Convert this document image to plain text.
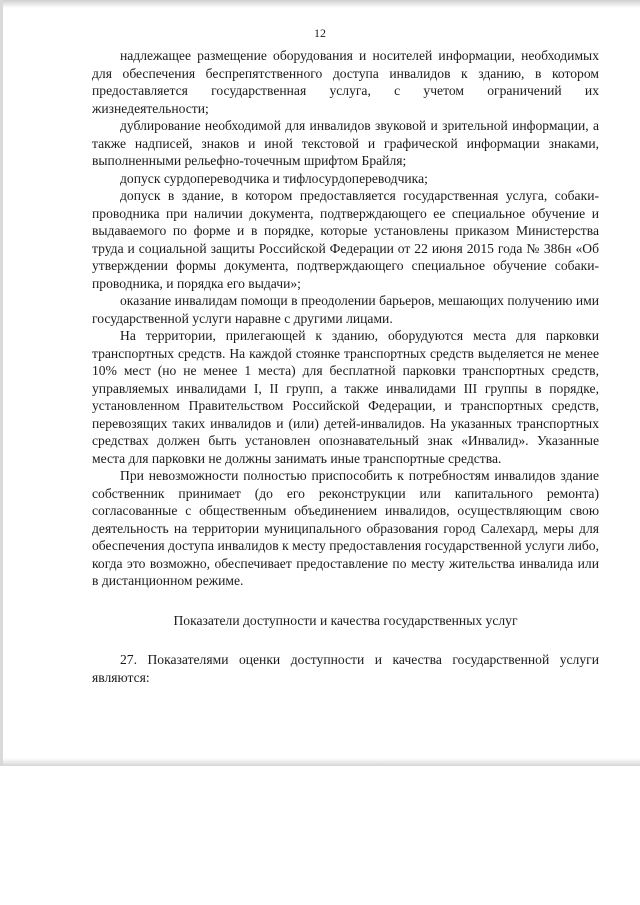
12

надлежащее размещение оборудования и носителей информации, необходимых для обеспечения беспрепятственного доступа инвалидов к зданию, в котором предоставляется государственная услуга, с учетом ограничений их жизнедеятельности;

дублирование необходимой для инвалидов звуковой и зрительной информации, а также надписей, знаков и иной текстовой и графической информации знаками, выполненными рельефно-точечным шрифтом Брайля;

допуск сурдопереводчика и тифлосурдопереводчика;

допуск в здание, в котором предоставляется государственная услуга, собаки-проводника при наличии документа, подтверждающего ее специальное обучение и выдаваемого по форме и в порядке, которые установлены приказом Министерства труда и социальной защиты Российской Федерации от 22 июня 2015 года № 386н «Об утверждении формы документа, подтверждающего специальное обучение собаки-проводника, и порядка его выдачи»;

оказание инвалидам помощи в преодолении барьеров, мешающих получению ими государственной услуги наравне с другими лицами.

На территории, прилегающей к зданию, оборудуются места для парковки транспортных средств. На каждой стоянке транспортных средств выделяется не менее 10% мест (но не менее 1 места) для бесплатной парковки транспортных средств, управляемых инвалидами I, II групп, а также инвалидами III группы в порядке, установленном Правительством Российской Федерации, и транспортных средств, перевозящих таких инвалидов и (или) детей-инвалидов. На указанных транспортных средствах должен быть установлен опознавательный знак «Инвалид». Указанные места для парковки не должны занимать иные транспортные средства.

При невозможности полностью приспособить к потребностям инвалидов здание собственник принимает (до его реконструкции или капитального ремонта) согласованные с общественным объединением инвалидов, осуществляющим свою деятельность на территории муниципального образования город Салехард, меры для обеспечения доступа инвалидов к месту предоставления государственной услуги либо, когда это возможно, обеспечивает предоставление по месту жительства инвалида или в дистанционном режиме.

Показатели доступности и качества государственных услуг

27. Показателями оценки доступности и качества государственной услуги являются:
